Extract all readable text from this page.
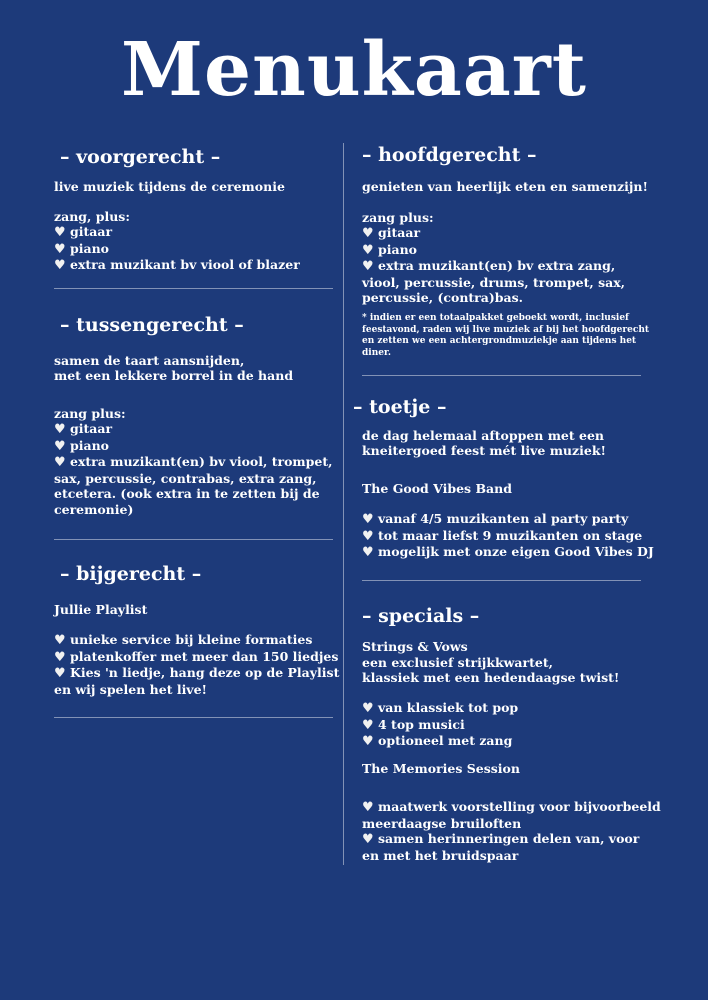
Menukaart
– voorgerecht –
live muziek tijdens de ceremonie
zang, plus:
♥ gitaar
♥ piano
♥ extra muzikant bv viool of blazer
– tussengerecht –
samen de taart aansnijden,
met een lekkere borrel in de hand
zang plus:
♥ gitaar
♥ piano
♥ extra muzikant(en) bv viool, trompet,
sax, percussie, contrabas, extra zang,
etcetera. (ook extra in te zetten bij de
ceremonie)
– bijgerecht –
Jullie Playlist
♥ unieke service bij kleine formaties
♥ platenkoffer met meer dan 150 liedjes
♥ Kies 'n liedje, hang deze op de Playlist
en wij spelen het live!
– hoofdgerecht –
genieten van heerlijk eten en samenzijn!
zang plus:
♥ gitaar
♥ piano
♥ extra muzikant(en) bv extra zang,
viool, percussie, drums, trompet, sax,
percussie, (contra)bas.
* indien er een totaalpakket geboekt wordt, inclusief
feestavond, raden wij live muziek af bij het hoofdgerecht
en zetten we een achtergrondmuziekje aan tijdens het
diner.
– toetje –
de dag helemaal aftoppen met een
kneitergoed feest mét live muziek!
The Good Vibes Band
♥ vanaf 4/5 muzikanten al party party
♥ tot maar liefst 9 muzikanten on stage
♥ mogelijk met onze eigen Good Vibes DJ
– specials –
Strings & Vows
een exclusief strijkkwartet,
klassiek met een hedendaagse twist!
♥ van klassiek tot pop
♥ 4 top musici
♥ optioneel met zang
The Memories Session
♥ maatwerk voorstelling voor bijvoorbeeld
meerdaagse bruiloften
♥ samen herinneringen delen van, voor
en met het bruidspaar
